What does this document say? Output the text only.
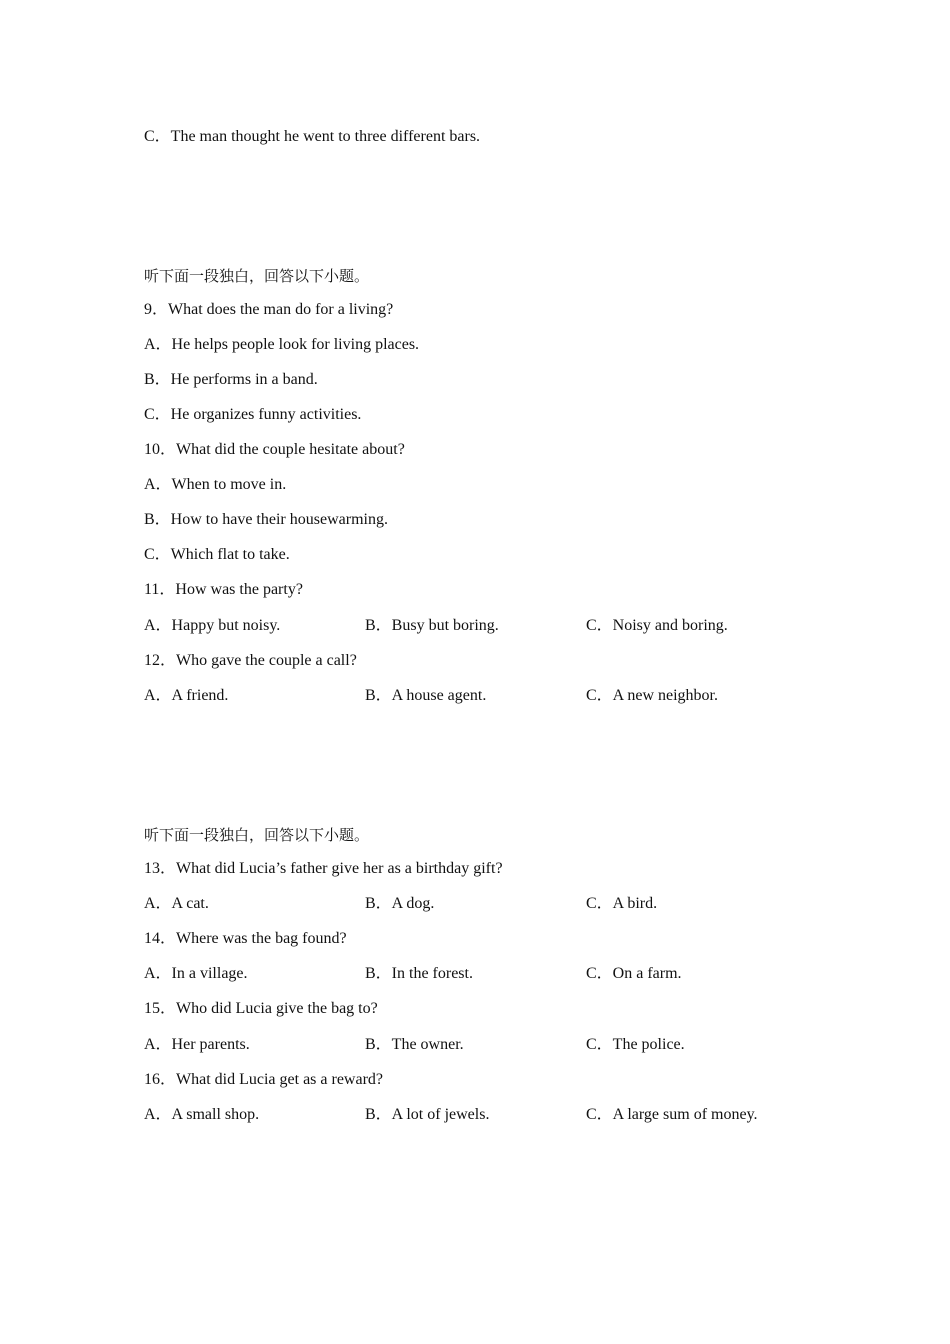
C．The man thought he went to three different bars.
听下面一段独白，回答以下小题。
9．What does the man do for a living?
A．He helps people look for living places.
B．He performs in a band.
C．He organizes funny activities.
10．What did the couple hesitate about?
A．When to move in.
B．How to have their housewarming.
C．Which flat to take.
11．How was the party?
A．Happy but noisy.	B．Busy but boring.	C．Noisy and boring.
12．Who gave the couple a call?
A．A friend.	B．A house agent.	C．A new neighbor.
听下面一段独白，回答以下小题。
13．What did Lucia’s father give her as a birthday gift?
A．A cat.	B．A dog.	C．A bird.
14．Where was the bag found?
A．In a village.	B．In the forest.	C．On a farm.
15．Who did Lucia give the bag to?
A．Her parents.	B．The owner.	C．The police.
16．What did Lucia get as a reward?
A．A small shop.	B．A lot of jewels.	C．A large sum of money.
